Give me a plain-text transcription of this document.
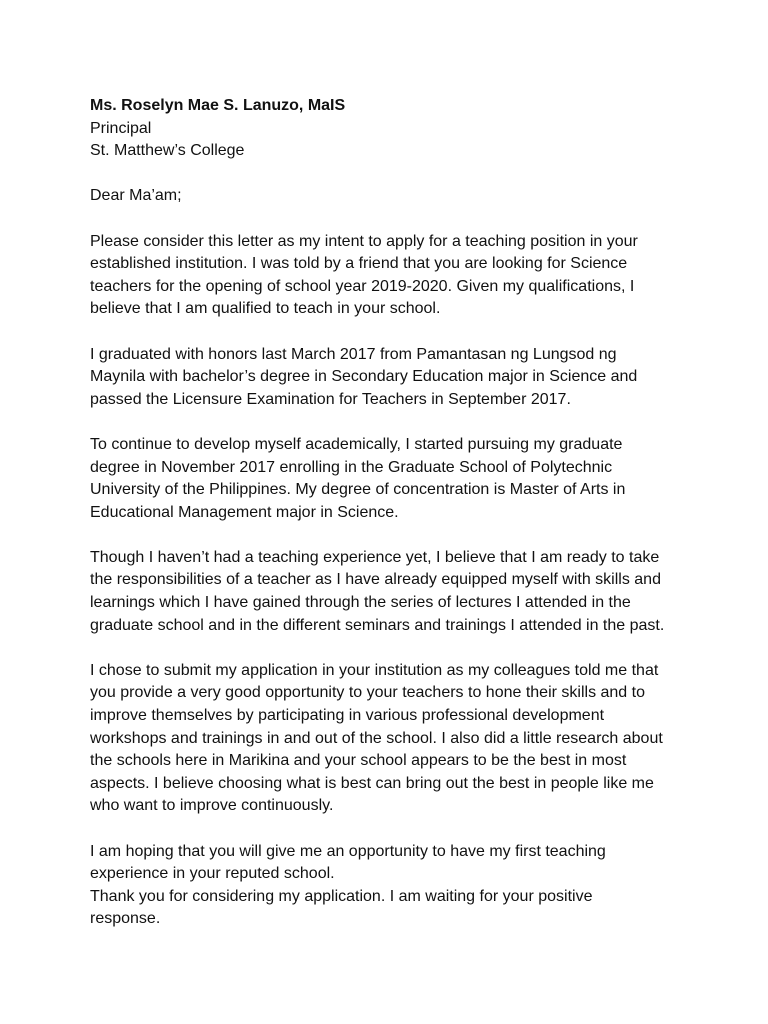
Ms. Roselyn Mae S. Lanuzo, MaIS
Principal
St. Matthew’s College
Dear Ma’am;
Please consider this letter as my intent to apply for a teaching position in your
established institution. I was told by a friend that you are looking for Science
teachers for the opening of school year 2019-2020. Given my qualifications, I
believe that I am qualified to teach in your school.
I graduated with honors last March 2017 from Pamantasan ng Lungsod ng
Maynila with bachelor’s degree in Secondary Education major in Science and
passed the Licensure Examination for Teachers in September 2017.
To continue to develop myself academically, I started pursuing my graduate
degree in November 2017 enrolling in the Graduate School of Polytechnic
University of the Philippines. My degree of concentration is Master of Arts in
Educational Management major in Science.
Though I haven’t had a teaching experience yet, I believe that I am ready to take
the responsibilities of a teacher as I have already equipped myself with skills and
learnings which I have gained through the series of lectures I attended in the
graduate school and in the different seminars and trainings I attended in the past.
I chose to submit my application in your institution as my colleagues told me that
you provide a very good opportunity to your teachers to hone their skills and to
improve themselves by participating in various professional development
workshops and trainings in and out of the school. I also did a little research about
the schools here in Marikina and your school appears to be the best in most
aspects. I believe choosing what is best can bring out the best in people like me
who want to improve continuously.
I am hoping that you will give me an opportunity to have my first teaching
experience in your reputed school.
Thank you for considering my application. I am waiting for your positive
response.
